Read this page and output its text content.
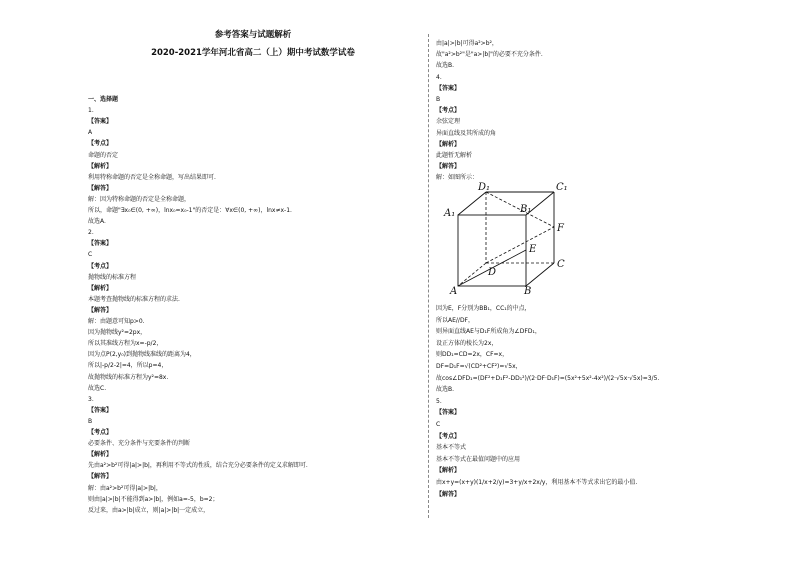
参考答案与试题解析
2020-2021学年河北省高二（上）期中考试数学试卷
一、选择题
1.
【答案】
A
【考点】
命题的否定
【解析】
利用特称命题的否定是全称命题，写出结果即可.
【解答】
解：因为特称命题的否定是全称命题，
所以，命题"∃x₀∈(0, +∞)，lnx₀=x₀-1"的否定是：∀x∈(0, +∞)，lnx≠x-1.
故选A.
2.
【答案】
C
【考点】
抛物线的标准方程
【解析】
本题考查抛物线的标准方程的求法.
【解答】
解：由题意可知p>0.
因为抛物线y²=2px，
所以其准线方程为x=-p/2，
因为点P(2,y₀)到抛物线准线的距离为4，
所以|-p/2-2|=4，所以p=4，
故抛物线的标准方程为y²=8x.
故选C.
3.
【答案】
B
【考点】
必要条件、充分条件与充要条件的判断
【解析】
先由a²>b²可得|a|>|b|，再利用不等式的性质，结合充分必要条件的定义求解即可.
【解答】
解：由a²>b²可得|a|>|b|，
则由|a|>|b|不能得到a>|b|，例如a=-5，b=2；
反过来，由a>|b|成立，则|a|>|b|一定成立，
由|a|>|b|可得a²>b²，
故"a²>b²"是"a>|b|"的必要不充分条件.
故选B.
4.
【答案】
B
【考点】
余弦定理
异面直线及其所成的角
【解析】
此题暂无解析
【解答】
解：如图所示：
D₁	C₁
A₁	B₁
F
E
C
D
A	B
因为E，F分别为BB₁，CC₁的中点，
所以AE//DF，
则异面直线AE与D₁F所成角为∠DFD₁，
设正方体的棱长为2x，
则DD₁=CD=2x，CF=x，
DF=D₁F=√(CD²+CF²)=√5x，
故cos∠DFD₁=(DF²+D₁F²-DD₁²)/(2·DF·D₁F)=(5x²+5x²-4x²)/(2·√5x·√5x)=3/5.
故选B.
5.
【答案】
C
【考点】
基本不等式
基本不等式在最值问题中的应用
【解析】
由x+y=(x+y)(1/x+2/y)=3+y/x+2x/y，利用基本不等式求出它的最小值.
【解答】
